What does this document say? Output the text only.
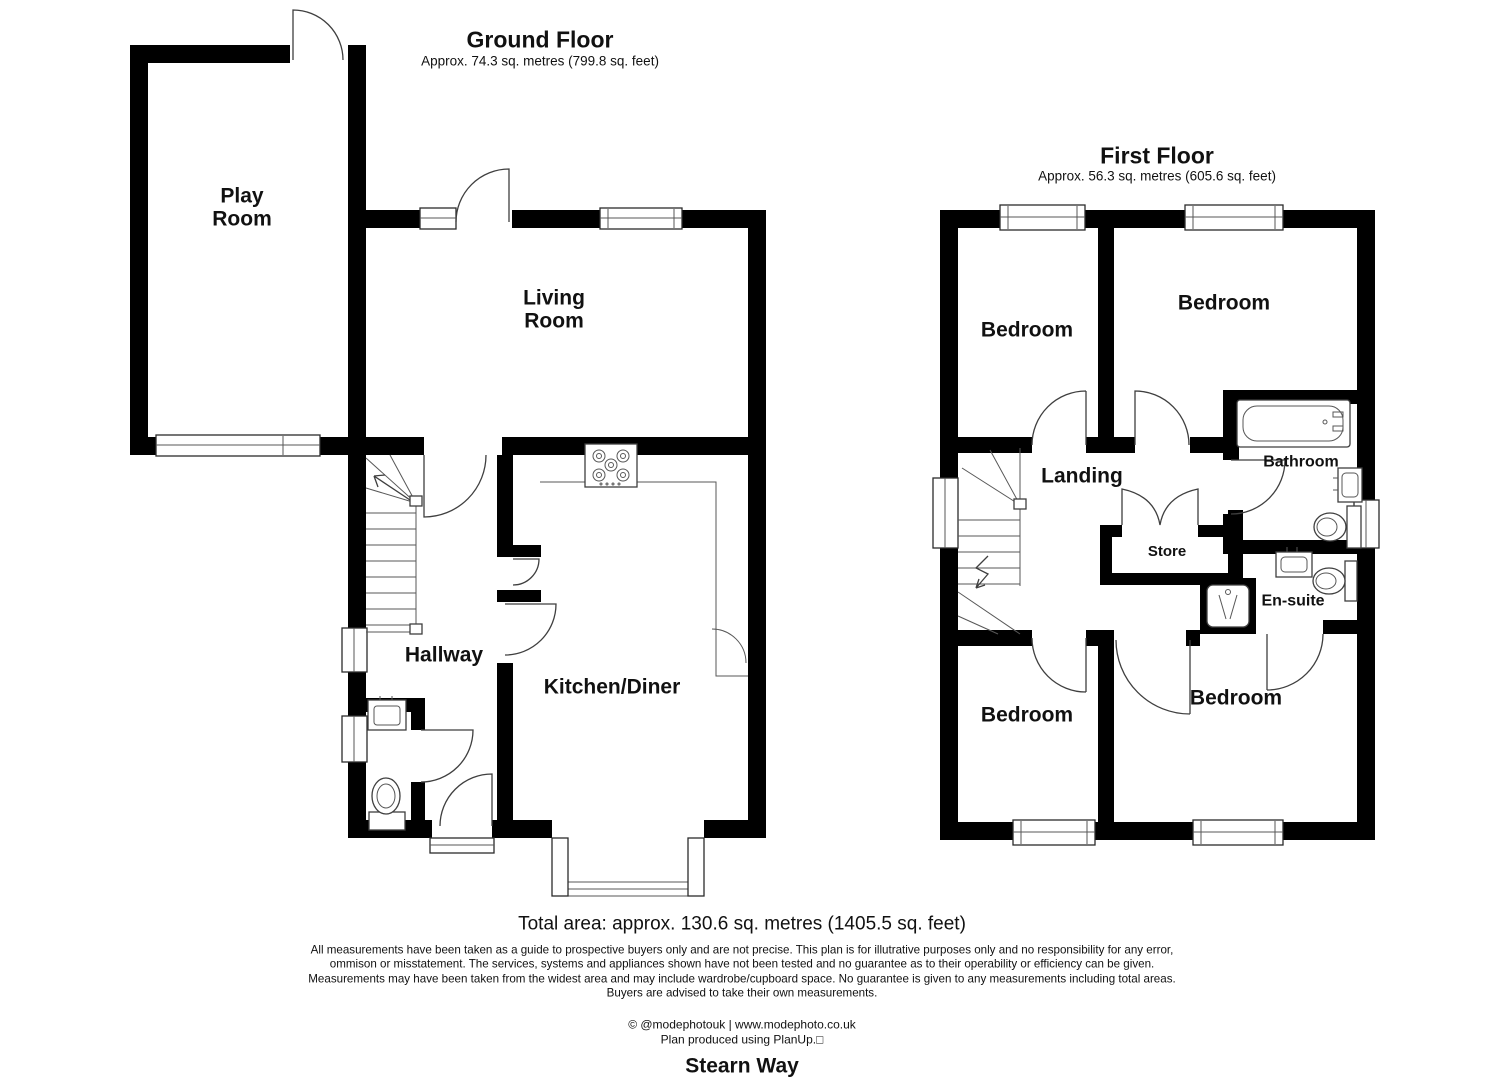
Ground Floor
Approx. 74.3 sq. metres (799.8 sq. feet)
First Floor
Approx. 56.3 sq. metres (605.6 sq. feet)
Play Room
Living Room
Hallway
Kitchen/Diner
Bedroom
Bedroom
Landing
Bathroom
Store
En-suite
Bedroom
Bedroom
Total area: approx. 130.6 sq. metres (1405.5 sq. feet)
All measurements have been taken as a guide to prospective buyers only and are not precise. This plan is for illutrative purposes only and no responsibility for any error,
ommison or misstatement. The services, systems and appliances shown have not been tested and no guarantee as to their operability or efficiency can be given.
Measurements may have been taken from the widest area and may include wardrobe/cupboard space. No guarantee is given to any measurements including total areas.
Buyers are advised to take their own measurements.
© @modephotouk | www.modephoto.co.uk
Plan produced using PlanUp.□
Stearn Way
